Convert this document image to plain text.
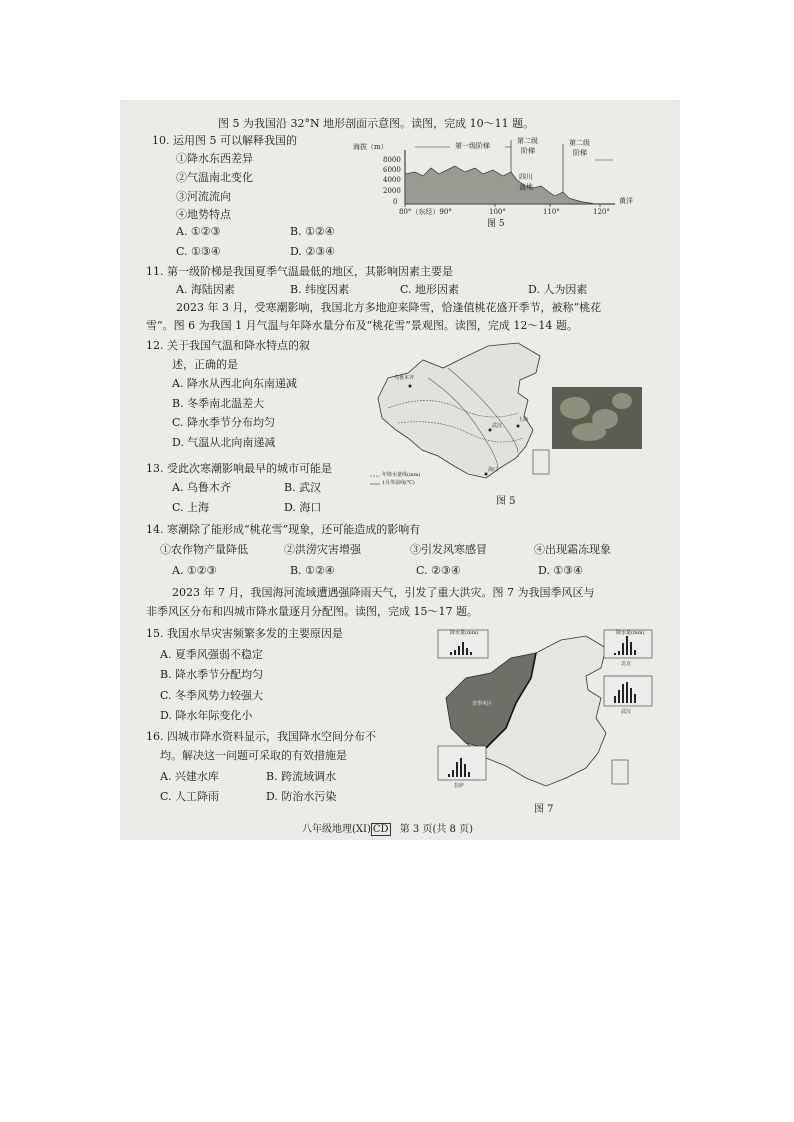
图 5 为我国沿 32°N 地形剖面示意图。读图，完成 10～11 题。
10. 运用图 5 可以解释我国的
①降水东西差异
②气温南北变化
③河流流向
④地势特点
A. ①②③	B. ①②④
C. ①③④	D. ②③④
海拔（m）
8000
6000
4000
2000
0
第一级阶梯
第二级
阶梯
第二级
阶梯
四川
盆地
黄洋
80°（东经）90°	100°	110°	120°
图 5
11. 第一级阶梯是我国夏季气温最低的地区，其影响因素主要是
A. 海陆因素	B. 纬度因素	C. 地形因素	D. 人为因素
2023 年 3 月，受寒潮影响，我国北方多地迎来降雪，恰逢值桃花盛开季节，被称“桃花
雪”。图 6 为我国 1 月气温与年降水量分布及“桃花雪”景观图。读图，完成 12～14 题。
12. 关于我国气温和降水特点的叙
述，正确的是
A. 降水从西北向东南递减
B. 冬季南北温差大
C. 降水季节分布均匀
D. 气温从北向南递减
乌鲁木齐
武汉
上海
海口
年降水量线(mm)
1月等温线(℃)
图 5
13. 受此次寒潮影响最早的城市可能是
A. 乌鲁木齐	B. 武汉
C. 上海	D. 海口
14. 寒潮除了能形成“桃花雪”现象，还可能造成的影响有
①农作物产量降低	②洪涝灾害增强	③引发风寒感冒	④出现霜冻现象
A. ①②③	B. ①②④	C. ②③④	D. ①③④
2023 年 7 月，我国海河流域遭遇强降雨天气，引发了重大洪灾。图 7 为我国季风区与
非季风区分布和四城市降水量逐月分配图。读图，完成 15～17 题。
15. 我国水旱灾害频繁多发的主要原因是
A. 夏季风强弱不稳定
B. 降水季节分配均匀
C. 冬季风势力较强大
D. 降水年际变化小
16. 四城市降水资料显示，我国降水空间分布不
均。解决这一问题可采取的有效措施是
A. 兴建水库	B. 跨流域调水
C. 人工降雨	D. 防治水污染
降水量(mm)	降水量(mm)
北京
武汉
拉萨
非季风区
图 7
八年级地理(XI) CD 第 3 页(共 8 页)
